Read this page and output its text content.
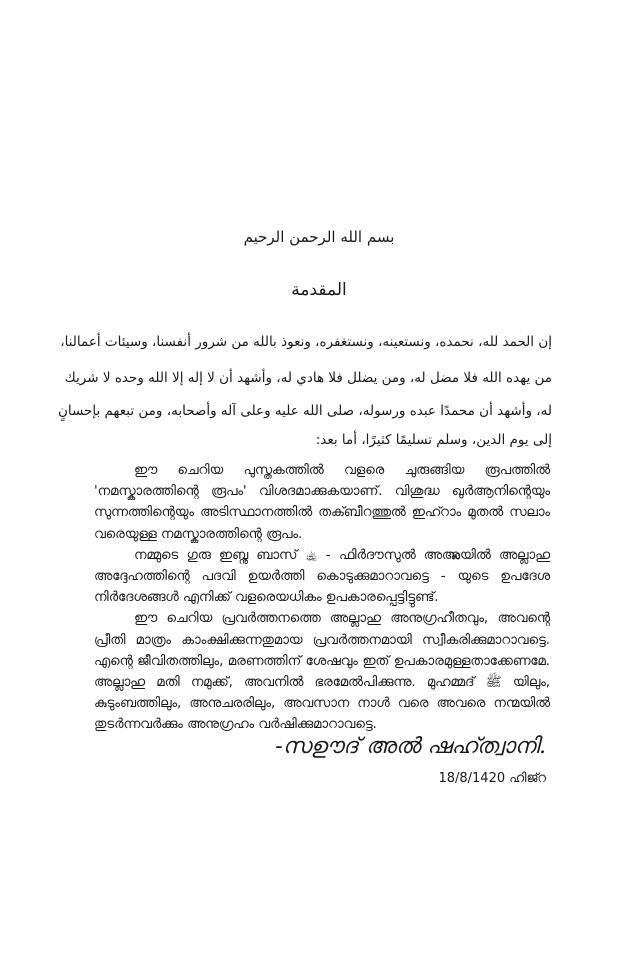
بسم الله الرحمن الرحيم
المقدمة
إن الحمد لله، نحمده، ونستعينه، ونستغفره، ونعوذ بالله من شرور أنفسنا، وسيئات أعمالنا،
من يهده الله فلا مضل له، ومن يضلل فلا هادي له، وأشهد أن لا إله إلا الله وحده لا شريك
له، وأشهد أن محمدًا عبده ورسوله، صلى الله عليه وعلى آله وأصحابه، ومن تبعهم بإحسانٍ
إلى يوم الدين، وسلم تسليمًا كثيرًا، أما بعد:

ഈ ചെറിയ പുസ്തകത്തിൽ വളരെ ചുരുങ്ങിയ രൂപത്തിൽ 'നമസ്കാരത്തിന്റെ രൂപം' വിശദമാക്കുകയാണ്. വിശുദ്ധ ഖുർആനിന്റെയും സുന്നത്തിന്റെയും അടിസ്ഥാനത്തിൽ തക്ബീറത്തുൽ ഇഹ്റാം മുതൽ സലാം വരെയുള്ള നമസ്കാരത്തിന്റെ രൂപം.

നമ്മുടെ ഗുരു ഇബ്നു ബാസ് ﵀ - ഫിർദൗസുൽ അഅ്ലയിൽ അല്ലാഹു അദ്ദേഹത്തിന്റെ പദവി ഉയർത്തി കൊടുക്കുമാറാവട്ടെ - യുടെ ഉപദേശ നിർദേശങ്ങൾ എനിക്ക് വളരെയധികം ഉപകാരപ്പെട്ടിട്ടുണ്ട്.

ഈ ചെറിയ പ്രവർത്തനത്തെ അല്ലാഹു അനുഗ്രഹീതവും, അവന്റെ പ്രീതി മാത്രം കാംക്ഷിക്കുന്നതുമായ പ്രവർത്തനമായി സ്വീകരിക്കുമാറാവട്ടെ. എന്റെ ജീവിതത്തിലും, മരണത്തിന് ശേഷവും ഇത് ഉപകാരമുള്ളതാക്കേണമേ. അല്ലാഹു മതി നമുക്ക്, അവനിൽ ഭരമേൽപിക്കുന്നു. മുഹമ്മദ് ﷺ യിലും, കുടുംബത്തിലും, അനുചരരിലും, അവസാന നാൾ വരെ അവരെ നന്മയിൽ തുടർന്നവർക്കും അനുഗ്രഹം വർഷിക്കുമാറാവട്ടെ.

-സഊദ് അൽ ഷഹ്ത്വാനി.
18/8/1420 ഹിജ്റ
